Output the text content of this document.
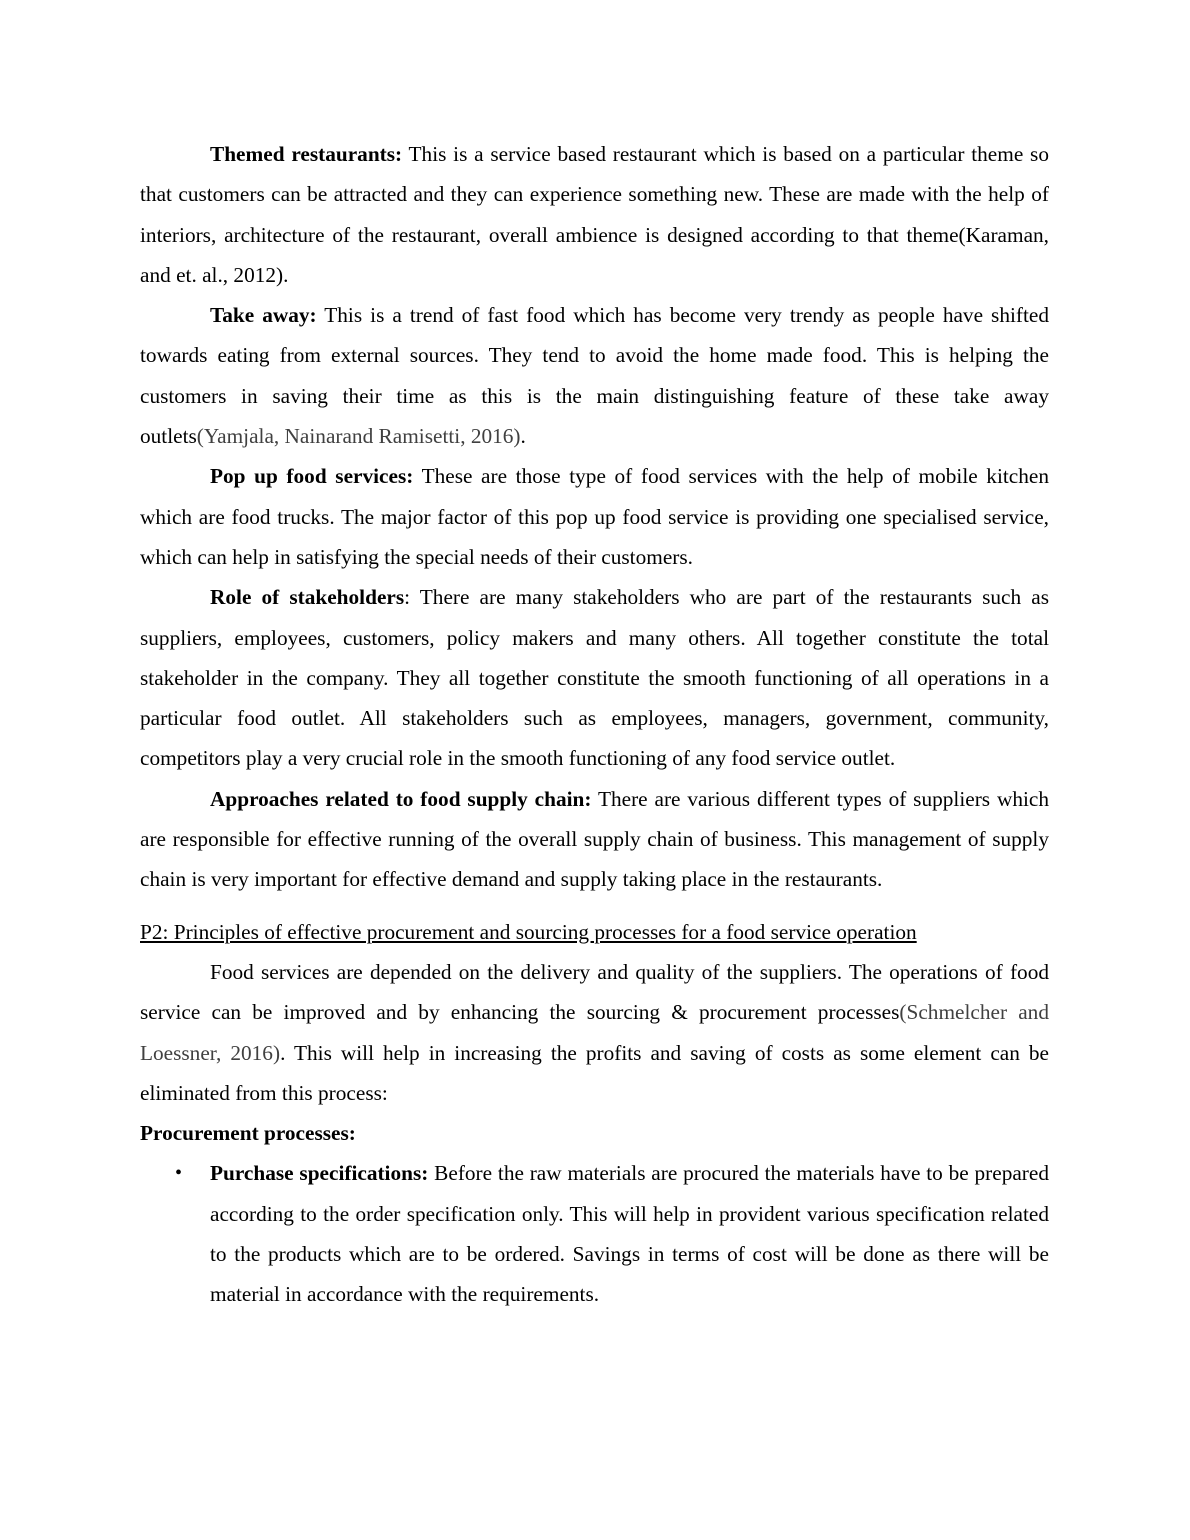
Themed restaurants: This is a service based restaurant which is based on a particular theme so that customers can be attracted and they can experience something new. These are made with the help of interiors, architecture of the restaurant, overall ambience is designed according to that theme(Karaman, and et. al., 2012).

Take away: This is a trend of fast food which has become very trendy as people have shifted towards eating from external sources. They tend to avoid the home made food. This is helping the customers in saving their time as this is the main distinguishing feature of these take away outlets(Yamjala, Nainarand Ramisetti, 2016).

Pop up food services: These are those type of food services with the help of mobile kitchen which are food trucks. The major factor of this pop up food service is providing one specialised service, which can help in satisfying the special needs of their customers.

Role of stakeholders: There are many stakeholders who are part of the restaurants such as suppliers, employees, customers, policy makers and many others. All together constitute the total stakeholder in the company. They all together constitute the smooth functioning of all operations in a particular food outlet. All stakeholders such as employees, managers, government, community, competitors play a very crucial role in the smooth functioning of any food service outlet.

Approaches related to food supply chain: There are various different types of suppliers which are responsible for effective running of the overall supply chain of business. This management of supply chain is very important for effective demand and supply taking place in the restaurants.

P2: Principles of effective procurement and sourcing processes for a food service operation

Food services are depended on the delivery and quality of the suppliers. The operations of food service can be improved and by enhancing the sourcing & procurement processes(Schmelcher and Loessner, 2016). This will help in increasing the profits and saving of costs as some element can be eliminated from this process:

Procurement processes:

• Purchase specifications: Before the raw materials are procured the materials have to be prepared according to the order specification only. This will help in provident various specification related to the products which are to be ordered. Savings in terms of cost will be done as there will be material in accordance with the requirements.
